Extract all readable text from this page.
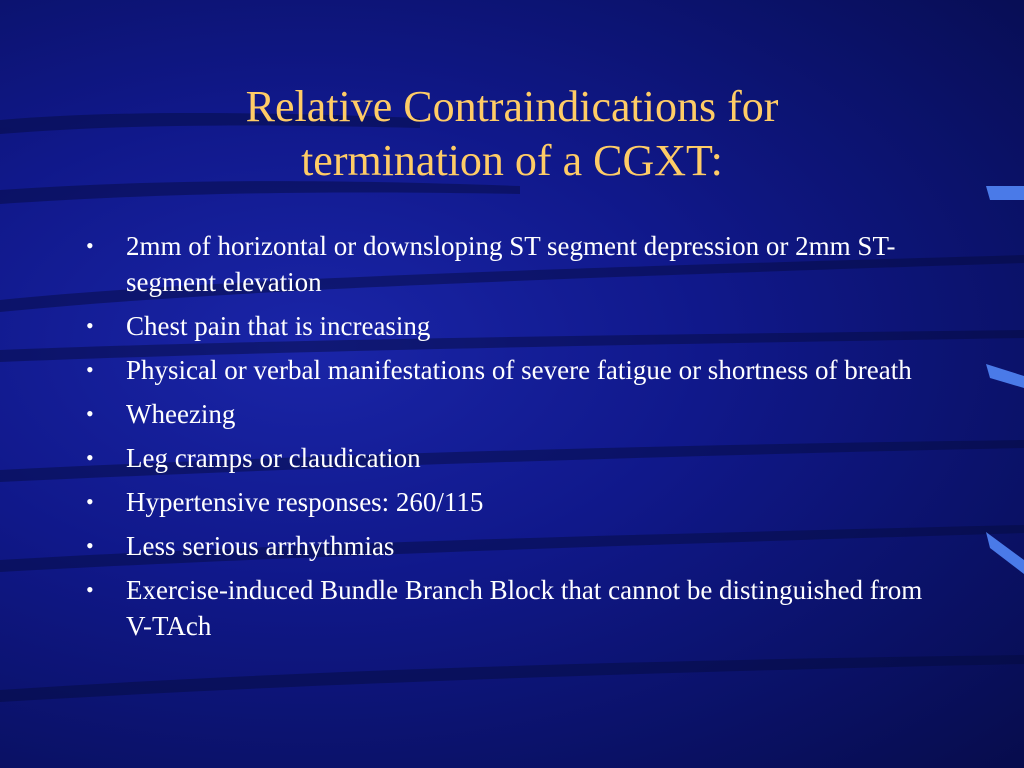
Relative Contraindications for
termination of a CGXT:
• 2mm of horizontal or downsloping ST segment depression or 2mm ST-segment elevation
• Chest pain that is increasing
• Physical or verbal manifestations of severe fatigue or shortness of breath
• Wheezing
• Leg cramps or claudication
• Hypertensive responses: 260/115
• Less serious arrhythmias
• Exercise-induced Bundle Branch Block that cannot be distinguished from V-TAch
